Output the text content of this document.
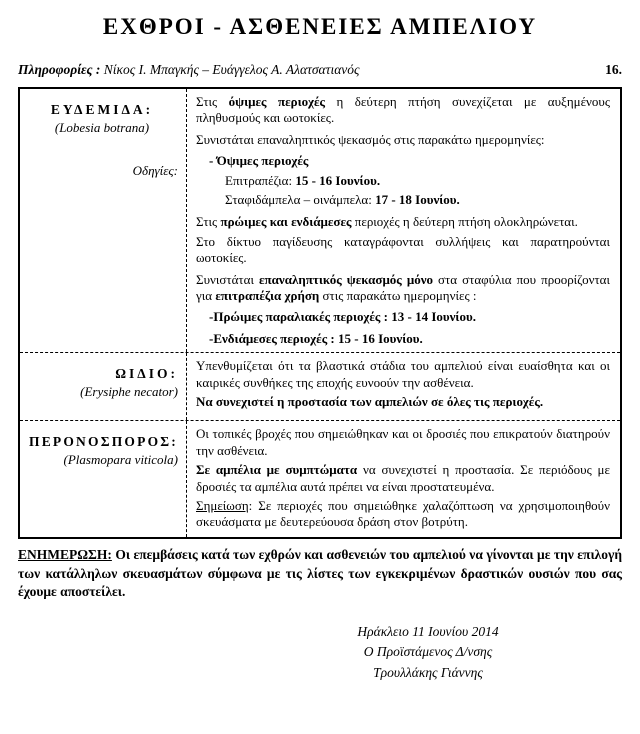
ΕΧΘΡΟΙ - ΑΣΘΕΝΕΙΕΣ ΑΜΠΕΛΙΟΥ
Πληροφορίες : Νίκος Ι. Μπαγκής – Ευάγγελος Α. Αλατσατιανός	16.
ΕΥΔΕΜΙΔΑ:
(Lobesia botrana)
Οδηγίες:
Στις όψιμες περιοχές η δεύτερη πτήση συνεχίζεται με αυξημένους πληθυσμούς και ωοτοκίες.
Συνιστάται επαναληπτικός ψεκασμός στις παρακάτω ημερομηνίες:
- Όψιμες περιοχές
Επιτραπέζια: 15 - 16 Ιουνίου.
Σταφιδάμπελα – οινάμπελα: 17 - 18 Ιουνίου.
Στις πρώιμες και ενδιάμεσες περιοχές η δεύτερη πτήση ολοκληρώνεται.
Στο δίκτυο παγίδευσης καταγράφονται συλλήψεις και παρατηρούνται ωοτοκίες.
Συνιστάται επαναληπτικός ψεκασμός μόνο στα σταφύλια που προορίζονται για επιτραπέζια χρήση στις παρακάτω ημερομηνίες :
-Πρώιμες παραλιακές περιοχές : 13 - 14 Ιουνίου.
-Ενδιάμεσες περιοχές : 15 - 16 Ιουνίου.
ΩΙΔΙΟ:
(Erysiphe necator)
Υπενθυμίζεται ότι τα βλαστικά στάδια του αμπελιού είναι ευαίσθητα και οι καιρικές συνθήκες της εποχής ευνοούν την ασθένεια.
Να συνεχιστεί η προστασία των αμπελιών σε όλες τις περιοχές.
ΠΕΡΟΝΟΣΠΟΡΟΣ:
(Plasmopara viticola)
Οι τοπικές βροχές που σημειώθηκαν και οι δροσιές που επικρατούν διατηρούν την ασθένεια.
Σε αμπέλια με συμπτώματα να συνεχιστεί η προστασία. Σε περιόδους με δροσιές τα αμπέλια αυτά πρέπει να είναι προστατευμένα.
Σημείωση: Σε περιοχές που σημειώθηκε χαλαζόπτωση να χρησιμοποιηθούν σκευάσματα με δευτερεύουσα δράση στον βοτρύτη.
ΕΝΗΜΕΡΩΣΗ: Οι επεμβάσεις κατά των εχθρών και ασθενειών του αμπελιού να γίνονται με την επιλογή των κατάλληλων σκευασμάτων σύμφωνα με τις λίστες των εγκεκριμένων δραστικών ουσιών που σας έχουμε αποστείλει.
Ηράκλειο 11 Ιουνίου 2014
Ο Προϊστάμενος Δ/νσης
Τρουλλάκης Γιάννης
